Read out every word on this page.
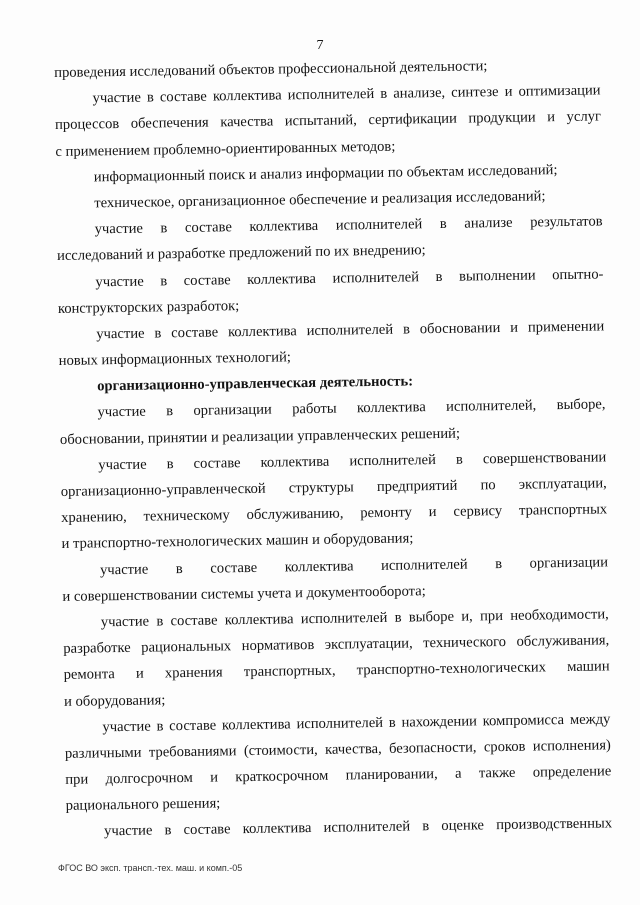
7
проведения исследований объектов профессиональной деятельности;
участие в составе коллектива исполнителей в анализе, синтезе и оптимизации
процессов обеспечения качества испытаний, сертификации продукции и услуг
с применением проблемно-ориентированных методов;
информационный поиск и анализ информации по объектам исследований;
техническое, организационное обеспечение и реализация исследований;
участие в составе коллектива исполнителей в анализе результатов
исследований и разработке предложений по их внедрению;
участие в составе коллектива исполнителей в выполнении опытно-
конструкторских разработок;
участие в составе коллектива исполнителей в обосновании и применении
новых информационных технологий;
организационно-управленческая деятельность:
участие в организации работы коллектива исполнителей, выборе,
обосновании, принятии и реализации управленческих решений;
участие в составе коллектива исполнителей в совершенствовании
организационно-управленческой структуры предприятий по эксплуатации,
хранению, техническому обслуживанию, ремонту и сервису транспортных
и транспортно-технологических машин и оборудования;
участие в составе коллектива исполнителей в организации
и совершенствовании системы учета и документооборота;
участие в составе коллектива исполнителей в выборе и, при необходимости,
разработке рациональных нормативов эксплуатации, технического обслуживания,
ремонта и хранения транспортных, транспортно-технологических машин
и оборудования;
участие в составе коллектива исполнителей в нахождении компромисса между
различными требованиями (стоимости, качества, безопасности, сроков исполнения)
при долгосрочном и краткосрочном планировании, а также определение
рационального решения;
участие в составе коллектива исполнителей в оценке производственных
ФГОС ВО эксп. трансп.-тех. маш. и комп.-05
